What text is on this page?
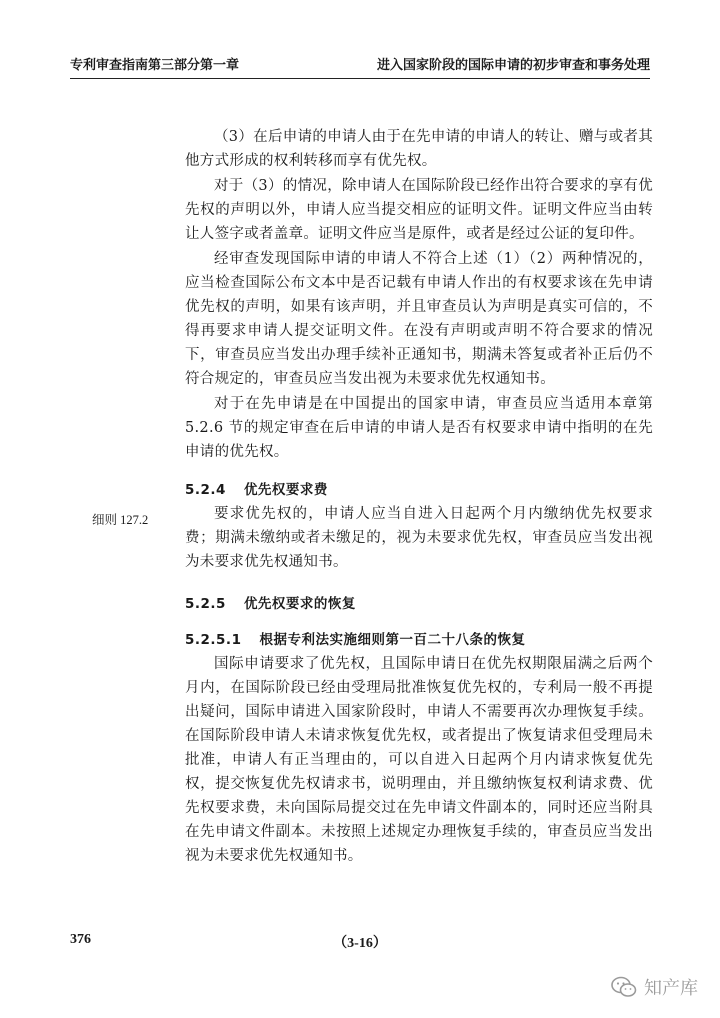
专利审查指南第三部分第一章	进入国家阶段的国际申请的初步审查和事务处理

（3）在后申请的申请人由于在先申请的申请人的转让、赠与或者其他方式形成的权利转移而享有优先权。

对于（3）的情况，除申请人在国际阶段已经作出符合要求的享有优先权的声明以外，申请人应当提交相应的证明文件。证明文件应当由转让人签字或者盖章。证明文件应当是原件，或者是经过公证的复印件。

经审查发现国际申请的申请人不符合上述（1）（2）两种情况的，应当检查国际公布文本中是否记载有申请人作出的有权要求该在先申请优先权的声明，如果有该声明，并且审查员认为声明是真实可信的，不得再要求申请人提交证明文件。在没有声明或声明不符合要求的情况下，审查员应当发出办理手续补正通知书，期满未答复或者补正后仍不符合规定的，审查员应当发出视为未要求优先权通知书。

对于在先申请是在中国提出的国家申请，审查员应当适用本章第 5.2.6 节的规定审查在后申请的申请人是否有权要求申请中指明的在先申请的优先权。

5.2.4 优先权要求费

要求优先权的，申请人应当自进入日起两个月内缴纳优先权要求费；期满未缴纳或者未缴足的，视为未要求优先权，审查员应当发出视为未要求优先权通知书。

5.2.5 优先权要求的恢复
5.2.5.1 根据专利法实施细则第一百二十八条的恢复

国际申请要求了优先权，且国际申请日在优先权期限届满之后两个月内，在国际阶段已经由受理局批准恢复优先权的，专利局一般不再提出疑问，国际申请进入国家阶段时，申请人不需要再次办理恢复手续。在国际阶段申请人未请求恢复优先权，或者提出了恢复请求但受理局未批准，申请人有正当理由的，可以自进入日起两个月内请求恢复优先权，提交恢复优先权请求书，说明理由，并且缴纳恢复权利请求费、优先权要求费，未向国际局提交过在先申请文件副本的，同时还应当附具在先申请文件副本。未按照上述规定办理恢复手续的，审查员应当发出视为未要求优先权通知书。

细则 127.2
376	（3-16）
知产库
